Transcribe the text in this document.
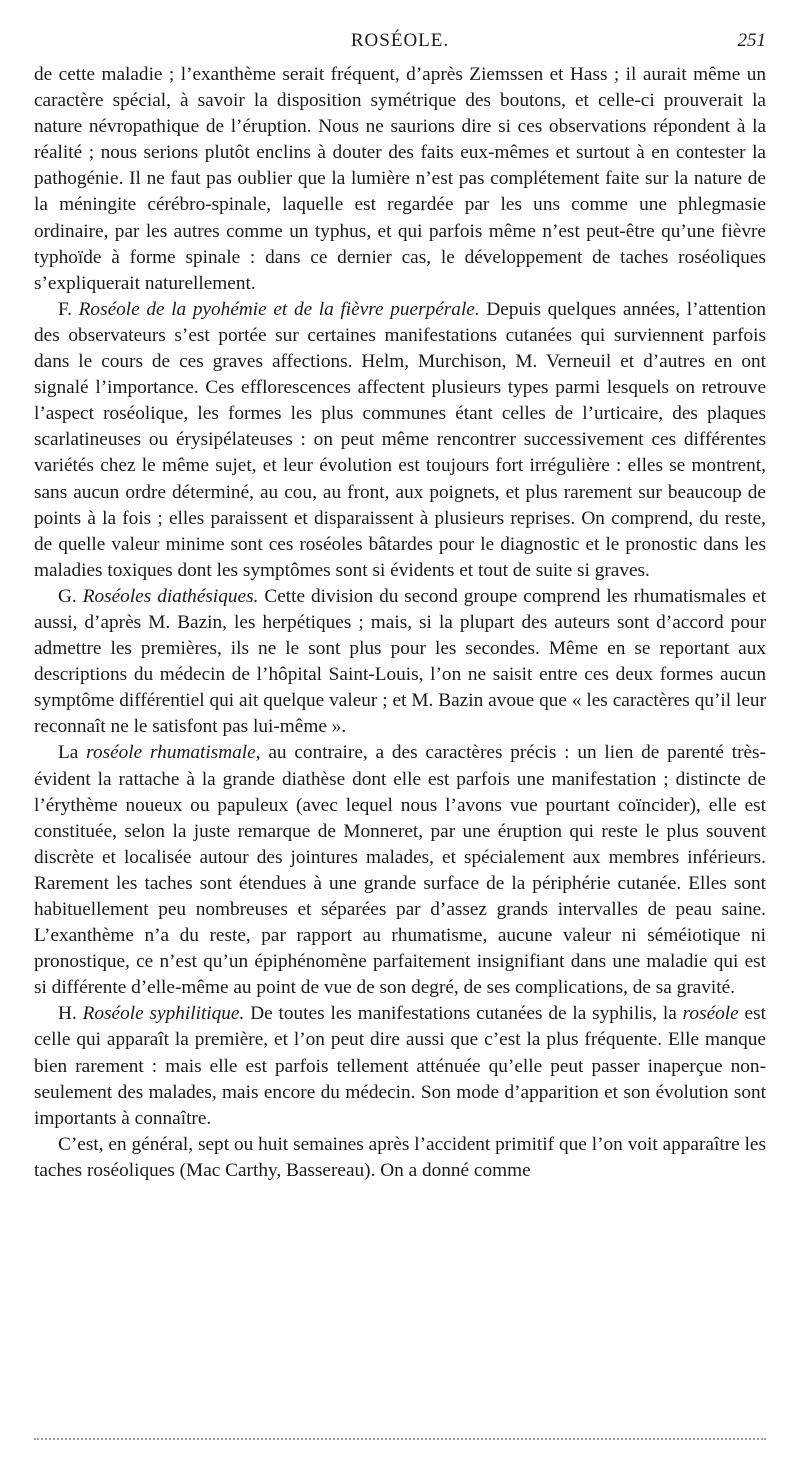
ROSÉOLE.	251

de cette maladie ; l’exanthème serait fréquent, d’après Ziemssen et Hass ; il aurait même un caractère spécial, à savoir la disposition symétrique des boutons, et celle-ci prouverait la nature névropathique de l’éruption. Nous ne saurions dire si ces observations répondent à la réalité ; nous serions plutôt enclins à douter des faits eux-mêmes et surtout à en contester la pathogénie. Il ne faut pas oublier que la lumière n’est pas complétement faite sur la nature de la méningite cérébro-spinale, laquelle est regardée par les uns comme une phlegmasie ordinaire, par les autres comme un typhus, et qui parfois même n’est peut-être qu’une fièvre typhoïde à forme spinale : dans ce dernier cas, le développement de taches roséoliques s’expliquerait naturellement.

F. Roséole de la pyohémie et de la fièvre puerpérale. Depuis quelques années, l’attention des observateurs s’est portée sur certaines manifestations cutanées qui surviennent parfois dans le cours de ces graves affections. Helm, Murchison, M. Verneuil et d’autres en ont signalé l’importance. Ces efflorescences affectent plusieurs types parmi lesquels on retrouve l’aspect roséolique, les formes les plus communes étant celles de l’urticaire, des plaques scarlatineuses ou érysipélateuses : on peut même rencontrer successivement ces différentes variétés chez le même sujet, et leur évolution est toujours fort irrégulière : elles se montrent, sans aucun ordre déterminé, au cou, au front, aux poignets, et plus rarement sur beaucoup de points à la fois ; elles paraissent et disparaissent à plusieurs reprises. On comprend, du reste, de quelle valeur minime sont ces roséoles bâtardes pour le diagnostic et le pronostic dans les maladies toxiques dont les symptômes sont si évidents et tout de suite si graves.

G. Roséoles diathésiques. Cette division du second groupe comprend les rhumatismales et aussi, d’après M. Bazin, les herpétiques ; mais, si la plupart des auteurs sont d’accord pour admettre les premières, ils ne le sont plus pour les secondes. Même en se reportant aux descriptions du médecin de l’hôpital Saint-Louis, l’on ne saisit entre ces deux formes aucun symptôme différentiel qui ait quelque valeur ; et M. Bazin avoue que « les caractères qu’il leur reconnaît ne le satisfont pas lui-même ».

La roséole rhumatismale, au contraire, a des caractères précis : un lien de parenté très-évident la rattache à la grande diathèse dont elle est parfois une manifestation ; distincte de l’érythème noueux ou papuleux (avec lequel nous l’avons vue pourtant coïncider), elle est constituée, selon la juste remarque de Monneret, par une éruption qui reste le plus souvent discrète et localisée autour des jointures malades, et spécialement aux membres inférieurs. Rarement les taches sont étendues à une grande surface de la périphérie cutanée. Elles sont habituellement peu nombreuses et séparées par d’assez grands intervalles de peau saine. L’exanthème n’a du reste, par rapport au rhumatisme, aucune valeur ni séméiotique ni pronostique, ce n’est qu’un épiphénomène parfaitement insignifiant dans une maladie qui est si différente d’elle-même au point de vue de son degré, de ses complications, de sa gravité.

H. Roséole syphilitique. De toutes les manifestations cutanées de la syphilis, la roséole est celle qui apparaît la première, et l’on peut dire aussi que c’est la plus fréquente. Elle manque bien rarement : mais elle est parfois tellement atténuée qu’elle peut passer inaperçue non-seulement des malades, mais encore du médecin. Son mode d’apparition et son évolution sont importants à connaître.

C’est, en général, sept ou huit semaines après l’accident primitif que l’on voit apparaître les taches roséoliques (Mac Carthy, Bassereau). On a donné comme
